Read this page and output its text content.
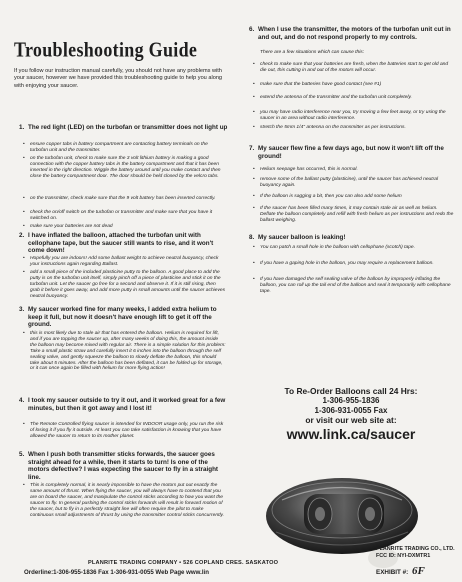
Troubleshooting Guide
If you follow our instruction manual carefully, you should not have any problems with your saucer, however we have provided this troubleshooting guide to help you along with enjoying your saucer.
1. The red light (LED) on the turbofan or transmitter does not light up
• ensure copper tabs in battery compartment are contacting battery terminals on the turbofan unit and the transmitter.
• on the turbofan unit, check to make sure the 3 volt lithium battery is making a good connection with the copper battery tabs in the battery compartment and that it has been inserted in the right direction. Wiggle the battery around until you make contact and then close the battery compartment door. The door should be held closed by the velcro tabs.
• on the transmitter, check make sure that the 9 volt battery has been inserted correctly.
• check the on/off switch on the turbofan or transmitter and make sure that you have it switched on.
• make sure your batteries are not dead
2. I have inflated the balloon, attached the turbofan unit with cellophane tape, but the saucer still wants to rise, and it won't come down!
• Hopefully you are indoors! Add some ballast weight to achieve neutral buoyancy, check your instructions again regarding Ballast.
• add a small piece of the included plasticine putty to the balloon. A good place to add the putty is on the turbofan unit itself, simply pinch off a piece of plasticine and stick it on the turbofan unit. Let the saucer go free for a second and observe it. If it is still rising, then grab it before it goes away, and add more putty in small amounts until the saucer achieves neutral buoyancy.
3. My saucer worked fine for many weeks, I added extra helium to keep it full, but now it doesn't have enough lift to get it off the ground.
• this is most likely due to stale air that has entered the balloon. Helium is required for lift, and if you are topping the saucer up, after many weeks of doing this, the amount inside the balloon may become mixed with regular air. There is a simple solution for this problem: Take a small plastic straw and carefully insert it 6 inches into the balloon through the self sealing valve, and gently squeeze the balloon to slowly deflate the balloon, this should take about 5 minutes. After the balloon has been deflated, it can be folded up for storage, or it can once again be filled with helium for more flying action!
4. I took my saucer outside to try it out, and it worked great for a few minutes, but then it got away and I lost it!
• The Remote Controlled flying saucer is intended for INDOOR usage only, you run the risk of losing it if you fly it outside. At least you can take satisfaction in knowing that you have allowed the saucer to return to its mother planet.
5. When I push both transmitter sticks forwards, the saucer goes straight ahead for a while, then it starts to turn! Is one of the motors defective? I was expecting the saucer to fly in a straight line.
• This is completely normal, it is nearly impossible to have the motors put out exactly the same amount of thrust. When flying the saucer, you will always have to contend that you are on board the saucer, and manipulate the control sticks according to how you want the saucer to fly. In general pushing the control sticks forwards will result in forward motion of the saucer, but to fly in a perfectly straight line will often require the pilot to make continuous small adjustments of thrust by using the transmitter control sticks concurrently.
6. When I use the transmitter, the motors of the turbofan unit cut in and out, and do not respond properly to my controls.
There are a few situations which can cause this:
• check to make sure that your batteries are fresh, when the batteries start to get old and die out, this cutting in and out of the motors will occur.
• make sure that the batteries have good contact (see #1)
• extend the antenna of the transmitter and the turbofan unit completely.
• you may have radio interference near you, try moving a few feet away, or try using the saucer in an area without radio interference.
• stretch the 5mm 1/4" antenna on the transmitter as per instructions.
7. My saucer flew fine a few days ago, but now it won't lift off the ground!
• Helium seepage has occurred, this is normal.
• remove some of the ballast putty (plasticine), until the saucer has achieved neutral buoyancy again.
• If the balloon is sagging a bit, then you can also add some helium
• If the saucer has been filled many times, it may contain stale air as well as helium. Deflate the balloon completely and refill with fresh helium as per instructions and redo the ballast weighing.
8. My saucer balloon is leaking!
• You can patch a small hole in the balloon with cellophane (scotch) tape.
• If you have a gaping hole in the balloon, you may require a replacement balloon.
• If you have damaged the self sealing valve of the balloon by improperly inflating the balloon, you can roll up the tail end of the balloon and seal it temporarily with cellophane tape.
To Re-Order Balloons call 24 Hrs:
1-306-955-1836
1-306-931-0055 Fax
or visit our web site at:
www.link.ca/saucer
PLANRITE TRADING CO., LTD.
FCC ID: NYI-DXMTR1
EXHIBIT #: 6F
PLANRITE TRADING COMPANY • 526 COPLAND CRES. SASKATOO
Orderline:1-306-955-1836 Fax 1-306-931-0055 Web Page www.lin
